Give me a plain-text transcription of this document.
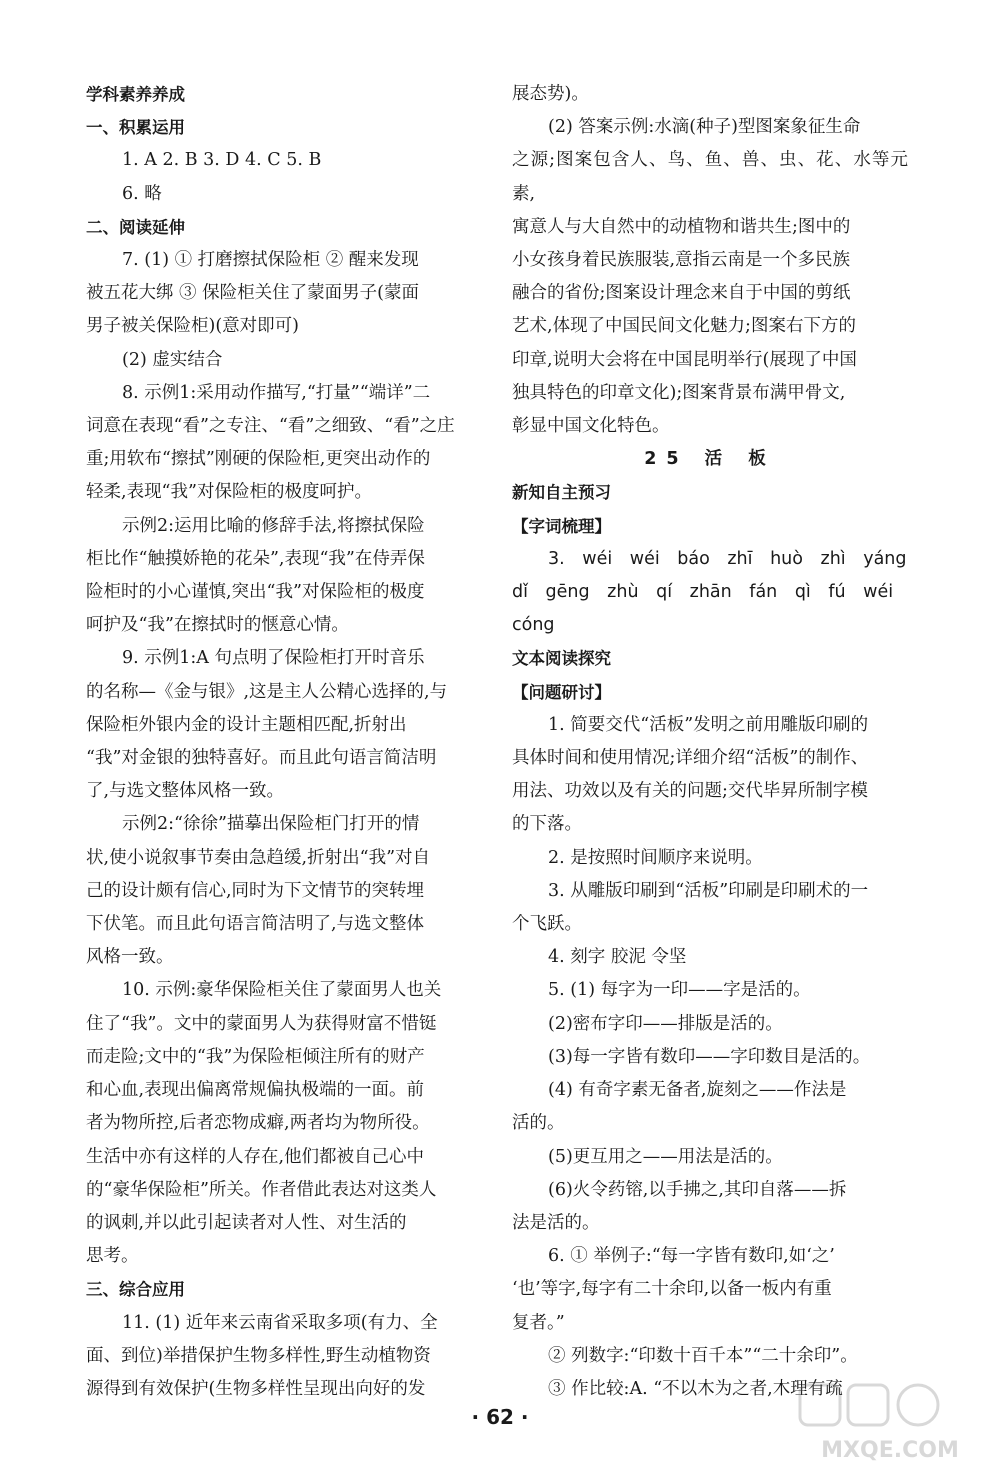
学科素养养成

一、积累运用

1. A 2. B 3. D 4. C 5. B

6. 略

二、阅读延伸

7. (1) ① 打磨擦拭保险柜 ② 醒来发现

被五花大绑 ③ 保险柜关住了蒙面男子(蒙面

男子被关保险柜)(意对即可)

(2) 虚实结合

8. 示例1:采用动作描写,“打量”“端详”二

词意在表现“看”之专注、“看”之细致、“看”之庄

重;用软布“擦拭”刚硬的保险柜,更突出动作的

轻柔,表现“我”对保险柜的极度呵护。

示例2:运用比喻的修辞手法,将擦拭保险

柜比作“触摸娇艳的花朵”,表现“我”在侍弄保

险柜时的小心谨慎,突出“我”对保险柜的极度

呵护及“我”在擦拭时的惬意心情。

9. 示例1:A 句点明了保险柜打开时音乐

的名称—《金与银》,这是主人公精心选择的,与

保险柜外银内金的设计主题相匹配,折射出

“我”对金银的独特喜好。而且此句语言简洁明

了,与选文整体风格一致。

示例2:“徐徐”描摹出保险柜门打开的情

状,使小说叙事节奏由急趋缓,折射出“我”对自

己的设计颇有信心,同时为下文情节的突转埋

下伏笔。而且此句语言简洁明了,与选文整体

风格一致。

10. 示例:豪华保险柜关住了蒙面男人也关

住了“我”。文中的蒙面男人为获得财富不惜铤

而走险;文中的“我”为保险柜倾注所有的财产

和心血,表现出偏离常规偏执极端的一面。前

者为物所控,后者恋物成癖,两者均为物所役。

生活中亦有这样的人存在,他们都被自己心中

的“豪华保险柜”所关。作者借此表达对这类人

的讽刺,并以此引起读者对人性、对生活的

思考。

三、综合应用

11. (1) 近年来云南省采取多项(有力、全

面、到位)举措保护生物多样性,野生动植物资

源得到有效保护(生物多样性呈现出向好的发

展态势)。

(2) 答案示例:水滴(种子)型图案象征生命

之源;图案包含人、鸟、鱼、兽、虫、花、水等元素,

寓意人与大自然中的动植物和谐共生;图中的

小女孩身着民族服装,意指云南是一个多民族

融合的省份;图案设计理念来自于中国的剪纸

艺术,体现了中国民间文化魅力;图案右下方的

印章,说明大会将在中国昆明举行(展现了中国

独具特色的印章文化);图案背景布满甲骨文,

彰显中国文化特色。

25 活 板

新知自主预习

【字词梳理】

3. wéi wéi báo zhī huò zhì yáng

dǐ gēng zhù qí zhān fán qì fú wéi

cóng

文本阅读探究

【问题研讨】

1. 简要交代“活板”发明之前用雕版印刷的

具体时间和使用情况;详细介绍“活板”的制作、

用法、功效以及有关的问题;交代毕昇所制字模

的下落。

2. 是按照时间顺序来说明。

3. 从雕版印刷到“活板”印刷是印刷术的一

个飞跃。

4. 刻字 胶泥 令坚

5. (1) 每字为一印——字是活的。

(2)密布字印——排版是活的。

(3)每一字皆有数印——字印数目是活的。

(4) 有奇字素无备者,旋刻之——作法是

活的。

(5)更互用之——用法是活的。

(6)火令药镕,以手拂之,其印自落——拆

法是活的。

6. ① 举例子:“每一字皆有数印,如‘之’

‘也’等字,每字有二十余印,以备一板内有重

复者。”

② 列数字:“印数十百千本”“二十余印”。

③ 作比较:A. “不以木为之者,木理有疏

· 62 ·
MXQE.COM
